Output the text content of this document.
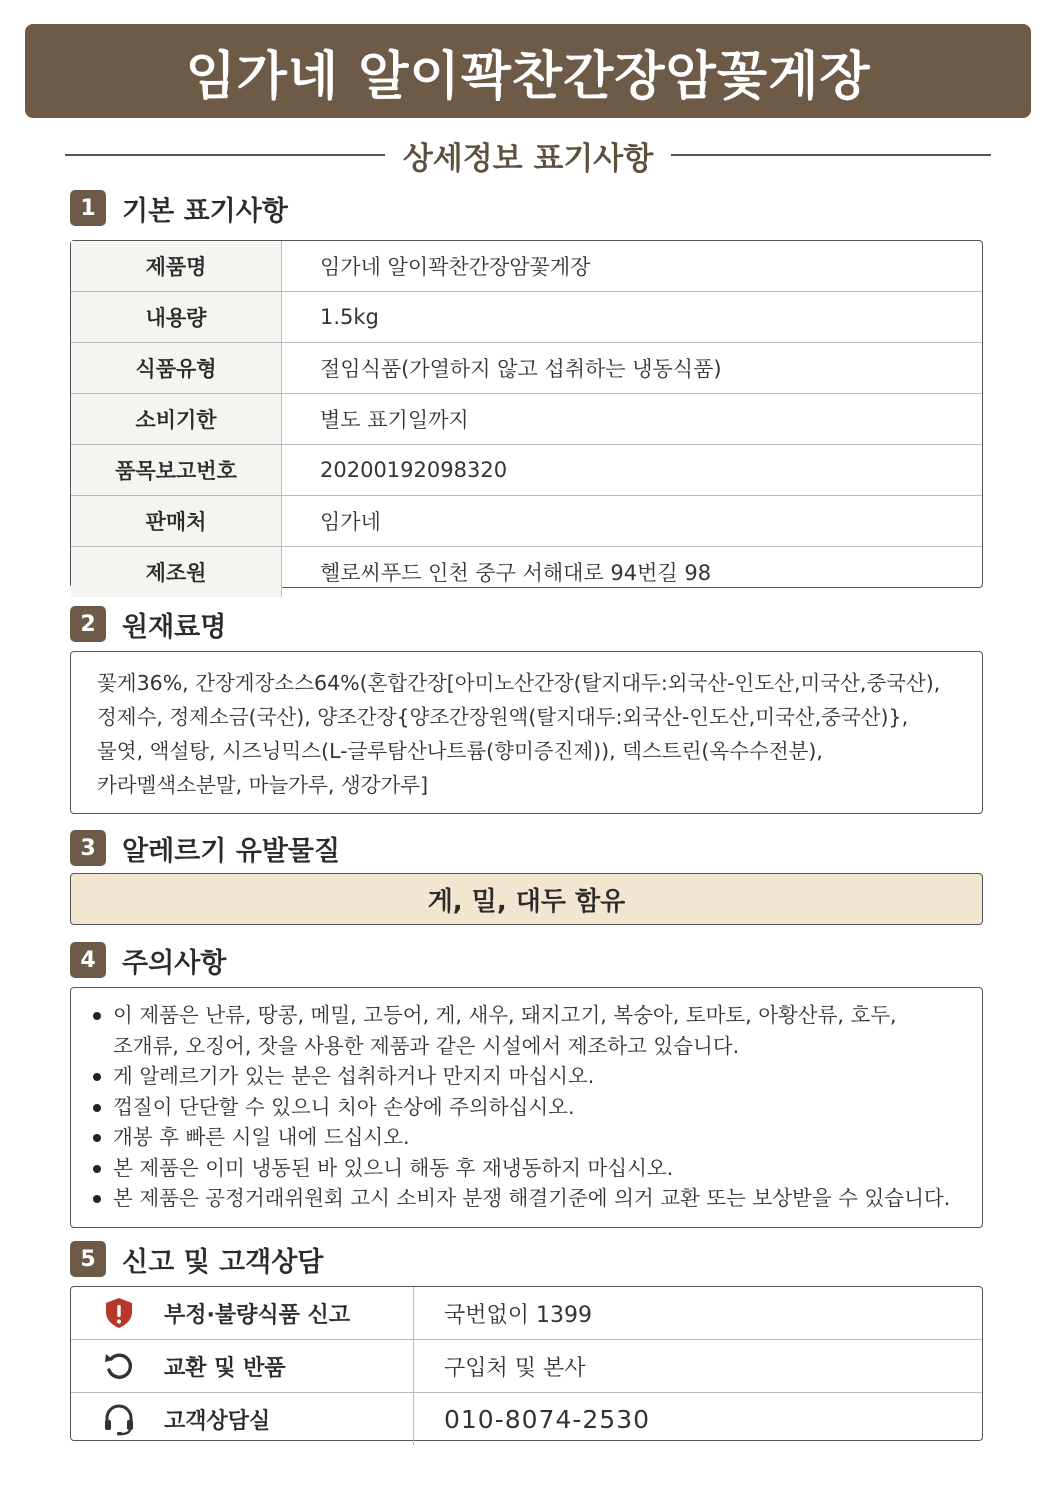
임가네 알이꽉찬간장암꽃게장
상세정보 표기사항
1 기본 표기사항
제품명	임가네 알이꽉찬간장암꽃게장
내용량	1.5kg
식품유형	절임식품(가열하지 않고 섭취하는 냉동식품)
소비기한	별도 표기일까지
품목보고번호	20200192098320
판매처	임가네
제조원	헬로씨푸드 인천 중구 서해대로 94번길 98
2 원재료명
꽃게36%, 간장게장소스64%(혼합간장[아미노산간장(탈지대두:외국산-인도산,미국산,중국산),
정제수, 정제소금(국산), 양조간장{양조간장원액(탈지대두:외국산-인도산,미국산,중국산)},
물엿, 액설탕, 시즈닝믹스(L-글루탐산나트륨(향미증진제)), 덱스트린(옥수수전분),
카라멜색소분말, 마늘가루, 생강가루]
3 알레르기 유발물질
게, 밀, 대두 함유
4 주의사항
이 제품은 난류, 땅콩, 메밀, 고등어, 게, 새우, 돼지고기, 복숭아, 토마토, 아황산류, 호두,
조개류, 오징어, 잣을 사용한 제품과 같은 시설에서 제조하고 있습니다.
게 알레르기가 있는 분은 섭취하거나 만지지 마십시오.
껍질이 단단할 수 있으니 치아 손상에 주의하십시오.
개봉 후 빠른 시일 내에 드십시오.
본 제품은 이미 냉동된 바 있으니 해동 후 재냉동하지 마십시오.
본 제품은 공정거래위원회 고시 소비자 분쟁 해결기준에 의거 교환 또는 보상받을 수 있습니다.
5 신고 및 고객상담
부정·불량식품 신고	국번없이 1399

교환 및 반품	구입처 및 본사

고객상담실	010-8074-2530
